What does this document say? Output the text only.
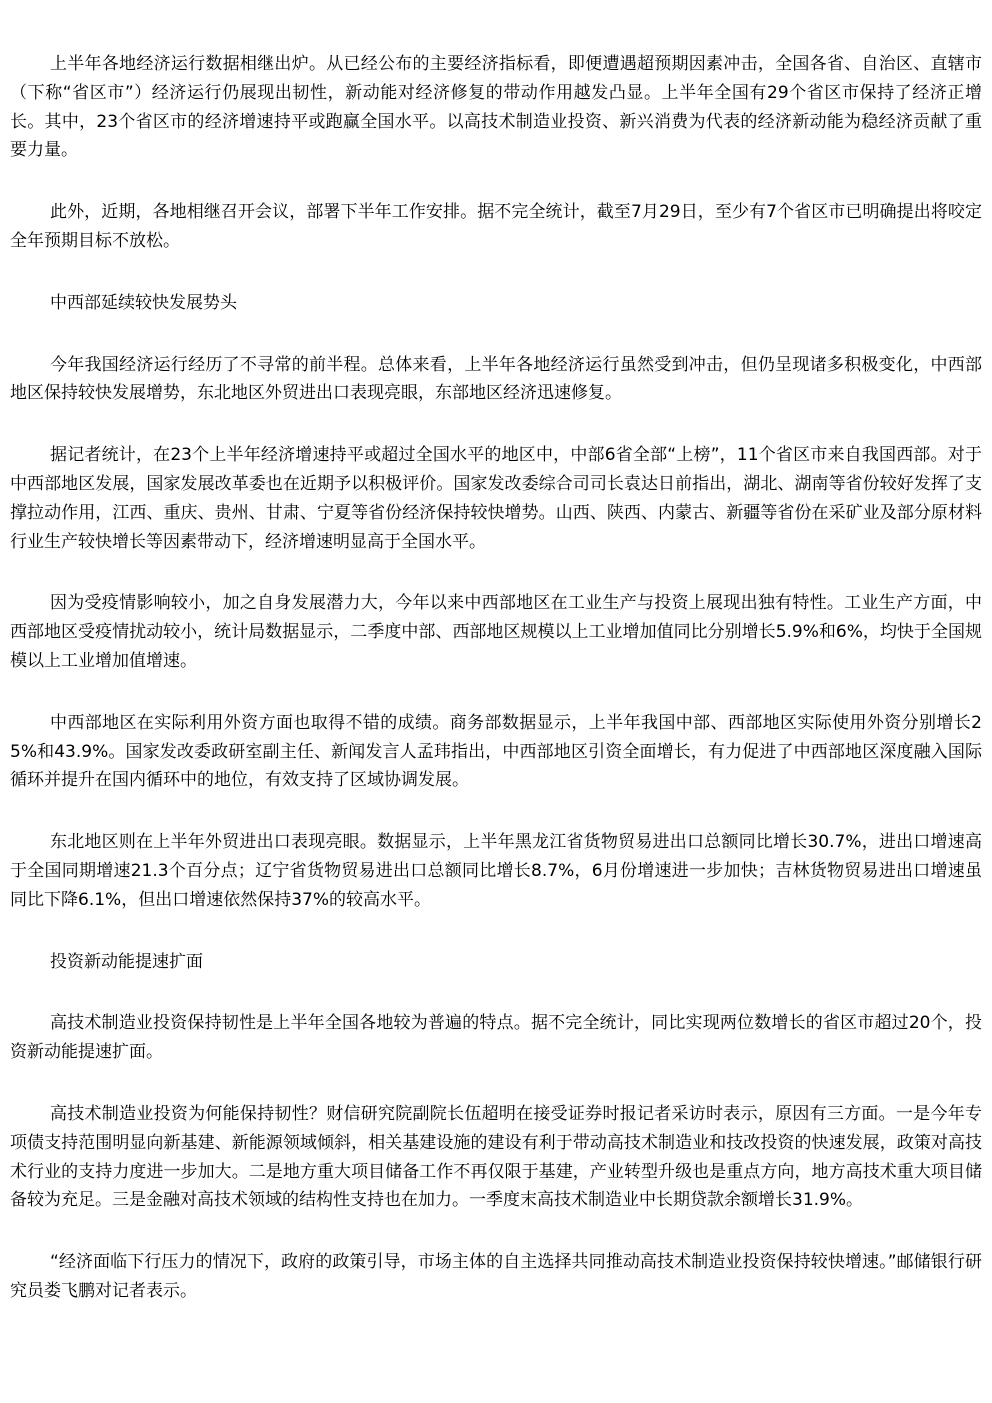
上半年各地经济运行数据相继出炉。从已经公布的主要经济指标看，即便遭遇超预期因素冲击，全国各省、自治区、直辖市（下称“省区市”）经济运行仍展现出韧性，新动能对经济修复的带动作用越发凸显。上半年全国有29个省区市保持了经济正增长。其中，23个省区市的经济增速持平或跑赢全国水平。以高技术制造业投资、新兴消费为代表的经济新动能为稳经济贡献了重要力量。

此外，近期，各地相继召开会议，部署下半年工作安排。据不完全统计，截至7月29日，至少有7个省区市已明确提出将咬定全年预期目标不放松。

中西部延续较快发展势头

今年我国经济运行经历了不寻常的前半程。总体来看，上半年各地经济运行虽然受到冲击，但仍呈现诸多积极变化，中西部地区保持较快发展增势，东北地区外贸进出口表现亮眼，东部地区经济迅速修复。

据记者统计，在23个上半年经济增速持平或超过全国水平的地区中，中部6省全部“上榜”，11个省区市来自我国西部。对于中西部地区发展，国家发展改革委也在近期予以积极评价。国家发改委综合司司长袁达日前指出，湖北、湖南等省份较好发挥了支撑拉动作用，江西、重庆、贵州、甘肃、宁夏等省份经济保持较快增势。山西、陕西、内蒙古、新疆等省份在采矿业及部分原材料行业生产较快增长等因素带动下，经济增速明显高于全国水平。

因为受疫情影响较小，加之自身发展潜力大，今年以来中西部地区在工业生产与投资上展现出独有特性。工业生产方面，中西部地区受疫情扰动较小，统计局数据显示，二季度中部、西部地区规模以上工业增加值同比分别增长5.9%和6%，均快于全国规模以上工业增加值增速。

中西部地区在实际利用外资方面也取得不错的成绩。商务部数据显示，上半年我国中部、西部地区实际使用外资分别增长25%和43.9%。国家发改委政研室副主任、新闻发言人孟玮指出，中西部地区引资全面增长，有力促进了中西部地区深度融入国际循环并提升在国内循环中的地位，有效支持了区域协调发展。

东北地区则在上半年外贸进出口表现亮眼。数据显示，上半年黑龙江省货物贸易进出口总额同比增长30.7%，进出口增速高于全国同期增速21.3个百分点；辽宁省货物贸易进出口总额同比增长8.7%，6月份增速进一步加快；吉林货物贸易进出口增速虽同比下降6.1%，但出口增速依然保持37%的较高水平。

投资新动能提速扩面

高技术制造业投资保持韧性是上半年全国各地较为普遍的特点。据不完全统计，同比实现两位数增长的省区市超过20个，投资新动能提速扩面。

高技术制造业投资为何能保持韧性？财信研究院副院长伍超明在接受证券时报记者采访时表示，原因有三方面。一是今年专项债支持范围明显向新基建、新能源领域倾斜，相关基建设施的建设有利于带动高技术制造业和技改投资的快速发展，政策对高技术行业的支持力度进一步加大。二是地方重大项目储备工作不再仅限于基建，产业转型升级也是重点方向，地方高技术重大项目储备较为充足。三是金融对高技术领域的结构性支持也在加力。一季度末高技术制造业中长期贷款余额增长31.9%。

“经济面临下行压力的情况下，政府的政策引导，市场主体的自主选择共同推动高技术制造业投资保持较快增速。”邮储银行研究员娄飞鹏对记者表示。
